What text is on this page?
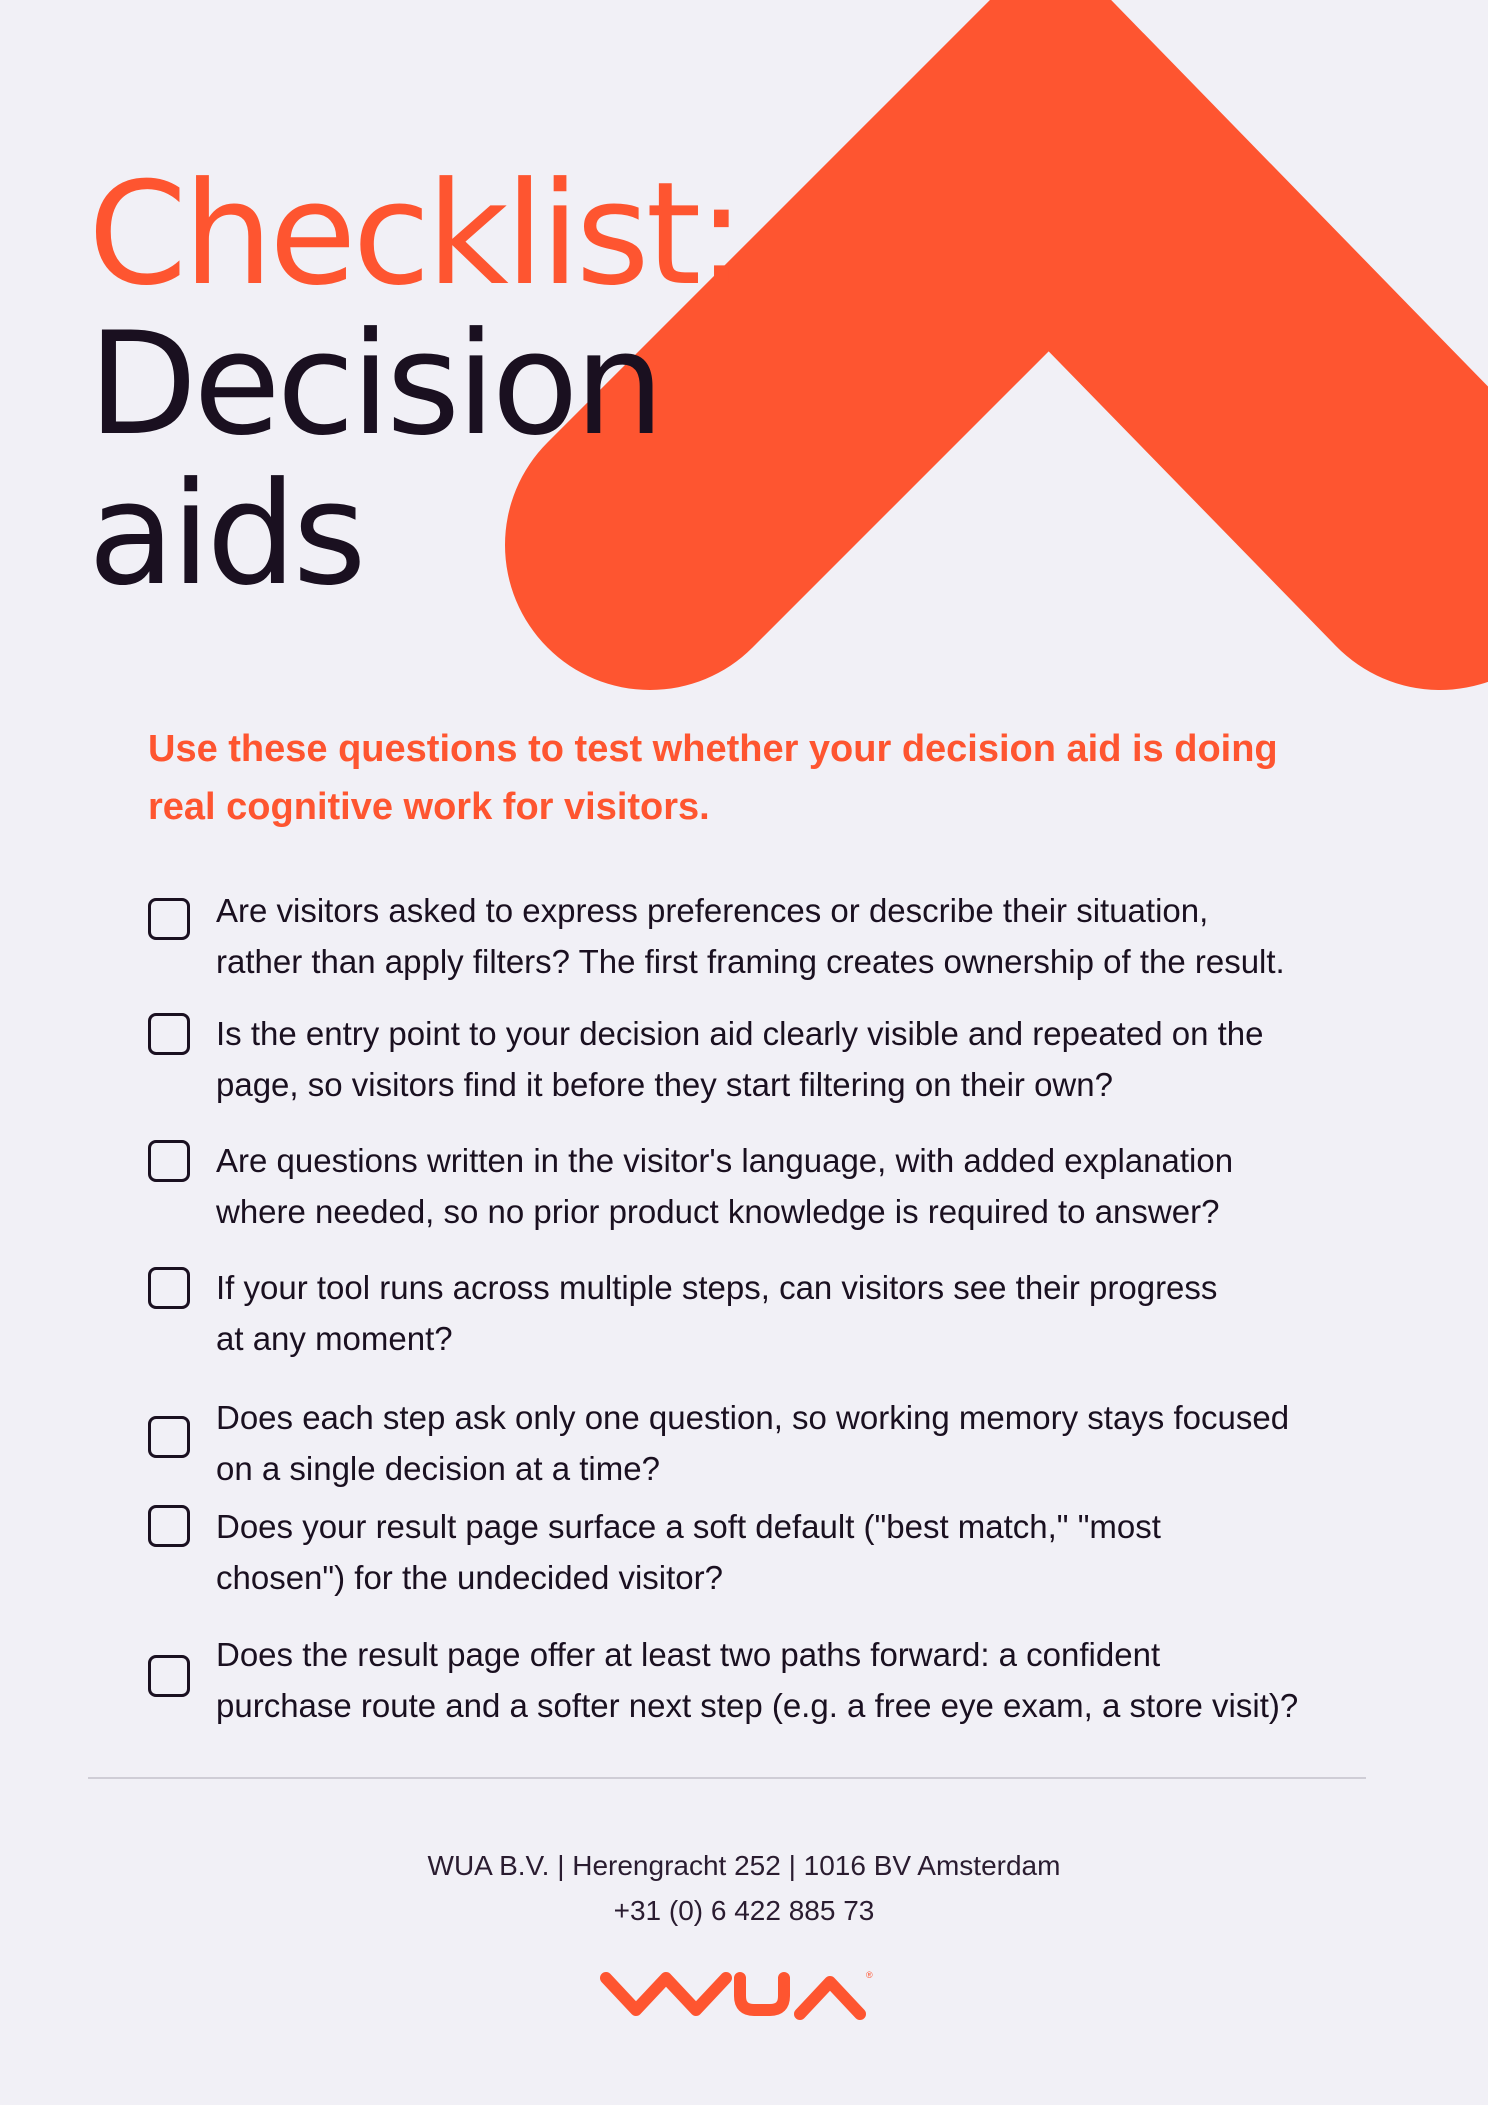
Checklist:
Decision
aids

Use these questions to test whether your decision aid is doing real cognitive work for visitors.

Are visitors asked to express preferences or describe their situation,
rather than apply filters? The first framing creates ownership of the result.

Is the entry point to your decision aid clearly visible and repeated on the
page, so visitors find it before they start filtering on their own?

Are questions written in the visitor's language, with added explanation
where needed, so no prior product knowledge is required to answer?

If your tool runs across multiple steps, can visitors see their progress
at any moment?

Does each step ask only one question, so working memory stays focused
on a single decision at a time?

Does your result page surface a soft default ("best match," "most
chosen") for the undecided visitor?

Does the result page offer at least two paths forward: a confident
purchase route and a softer next step (e.g. a free eye exam, a store visit)?

WUA B.V. | Herengracht 252 | 1016 BV Amsterdam
+31 (0) 6 422 885 73
®
